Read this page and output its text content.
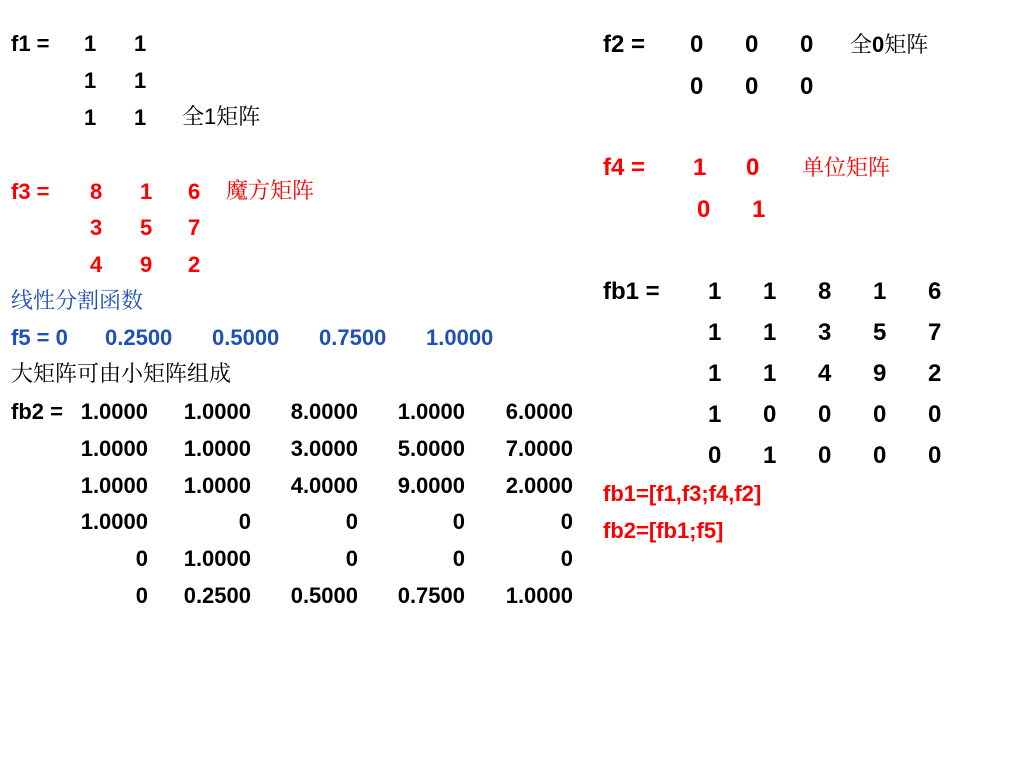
f1 = 1 1
1 1
1 1 全1矩阵
f3 = 8 1 6 魔方矩阵
3 5 7
4 9 2
线性分割函数
f5 = 0 0.2500 0.5000 0.7500 1.0000
大矩阵可由小矩阵组成
fb2 = 1.0000 1.0000 8.0000 1.0000 6.0000
1.0000 1.0000 3.0000 5.0000 7.0000
1.0000 1.0000 4.0000 9.0000 2.0000
1.0000	0	0	0	0
0 1.0000	0	0	0
0 0.2500 0.5000 0.7500 1.0000
f2 = 0 0 0 全0矩阵
0 0 0
f4 = 1 0 单位矩阵
0 1
fb1 = 1 1 8 1 6
1 1 3 5 7
1 1 4 9 2
1 0 0 0 0
0 1 0 0 0
fb1=[f1,f3;f4,f2]
fb2=[fb1;f5]
